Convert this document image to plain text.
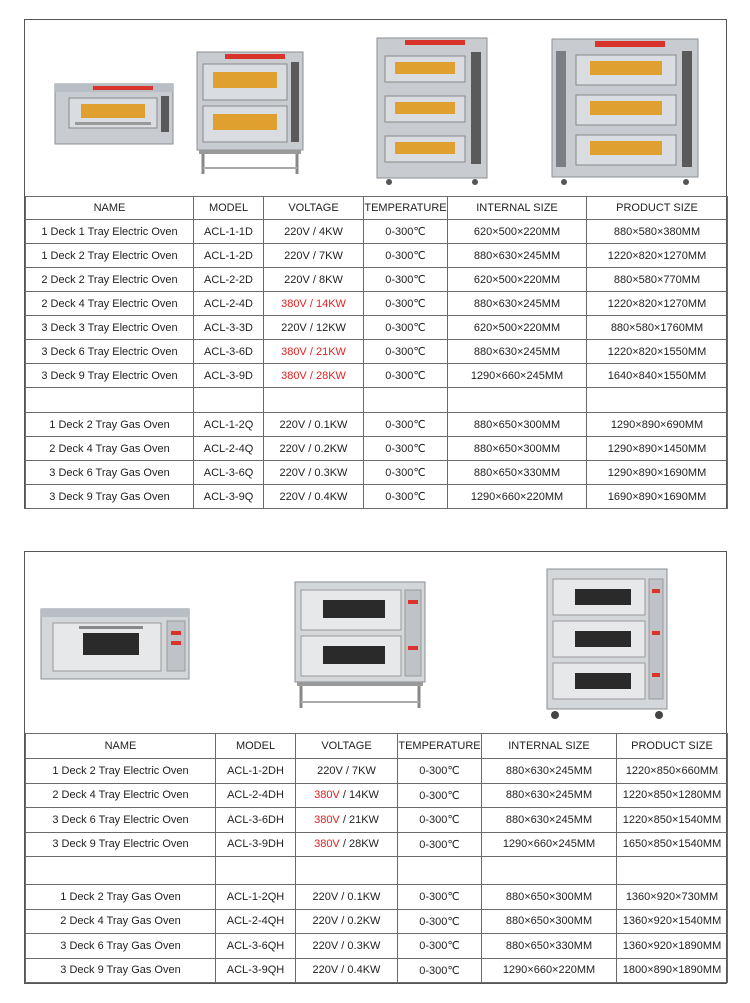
NAME	MODEL	VOLTAGE	TEMPERATURE	INTERNAL SIZE	PRODUCT SIZE
1 Deck 1 Tray Electric Oven	ACL-1-1D	220V / 4KW	0-300℃	620×500×220MM	880×580×380MM
1 Deck 2 Tray Electric Oven	ACL-1-2D	220V / 7KW	0-300℃	880×630×245MM	1220×820×1270MM
2 Deck 2 Tray Electric Oven	ACL-2-2D	220V / 8KW	0-300℃	620×500×220MM	880×580×770MM
2 Deck 4 Tray Electric Oven	ACL-2-4D	380V / 14KW	0-300℃	880×630×245MM	1220×820×1270MM
3 Deck 3 Tray Electric Oven	ACL-3-3D	220V / 12KW	0-300℃	620×500×220MM	880×580×1760MM
3 Deck 6 Tray Electric Oven	ACL-3-6D	380V / 21KW	0-300℃	880×630×245MM	1220×820×1550MM
3 Deck 9 Tray Electric Oven	ACL-3-9D	380V / 28KW	0-300℃	1290×660×245MM	1640×840×1550MM

1 Deck 2 Tray Gas Oven	ACL-1-2Q	220V / 0.1KW	0-300℃	880×650×300MM	1290×890×690MM
2 Deck 4 Tray Gas Oven	ACL-2-4Q	220V / 0.2KW	0-300℃	880×650×300MM	1290×890×1450MM
3 Deck 6 Tray Gas Oven	ACL-3-6Q	220V / 0.3KW	0-300℃	880×650×330MM	1290×890×1690MM
3 Deck 9 Tray Gas Oven	ACL-3-9Q	220V / 0.4KW	0-300℃	1290×660×220MM	1690×890×1690MM
NAME	MODEL	VOLTAGE	TEMPERATURE	INTERNAL SIZE	PRODUCT SIZE
1 Deck 2 Tray Electric Oven	ACL-1-2DH	220V / 7KW	0-300℃	880×630×245MM	1220×850×660MM
2 Deck 4 Tray Electric Oven	ACL-2-4DH	380V / 14KW	0-300℃	880×630×245MM	1220×850×1280MM
3 Deck 6 Tray Electric Oven	ACL-3-6DH	380V / 21KW	0-300℃	880×630×245MM	1220×850×1540MM
3 Deck 9 Tray Electric Oven	ACL-3-9DH	380V / 28KW	0-300℃	1290×660×245MM	1650×850×1540MM

1 Deck 2 Tray Gas Oven	ACL-1-2QH	220V / 0.1KW	0-300℃	880×650×300MM	1360×920×730MM
2 Deck 4 Tray Gas Oven	ACL-2-4QH	220V / 0.2KW	0-300℃	880×650×300MM	1360×920×1540MM
3 Deck 6 Tray Gas Oven	ACL-3-6QH	220V / 0.3KW	0-300℃	880×650×330MM	1360×920×1890MM
3 Deck 9 Tray Gas Oven	ACL-3-9QH	220V / 0.4KW	0-300℃	1290×660×220MM	1800×890×1890MM
